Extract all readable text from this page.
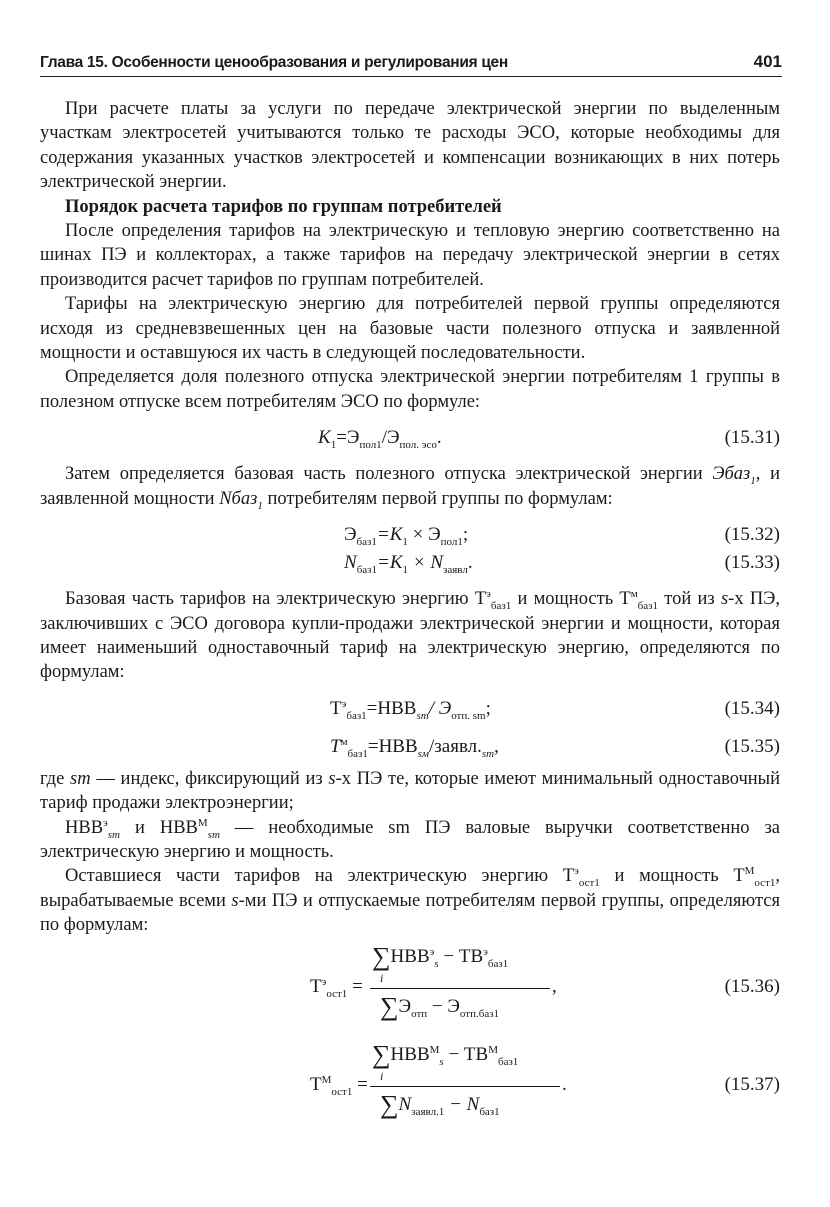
Глава 15. Особенности ценообразования и регулирования цен	401

При расчете платы за услуги по передаче электрической энергии по выделенным участкам электросетей учитываются только те расходы ЭСО, которые необходимы для содержания указанных участков электросетей и компенсации возникающих в них потерь электрической энергии.

Порядок расчета тарифов по группам потребителей

После определения тарифов на электрическую и тепловую энергию соответственно на шинах ПЭ и коллекторах, а также тарифов на передачу электрической энергии в сетях производится расчет тарифов по группам потребителей.

Тарифы на электрическую энергию для потребителей первой группы определяются исходя из средневзвешенных цен на базовые части полезного отпуска и заявленной мощности и оставшуюся их часть в следующей последовательности.

Определяется доля полезного отпуска электрической энергии потребителям 1 группы в полезном отпуске всем потребителям ЭСО по формуле:

$K_1=Э_{пол1}/Э_{пол. эсо}$.	(15.31)

Затем определяется базовая часть полезного отпуска электрической энергии Эбаз$_1$, и заявленной мощности Nбаз$_1$ потребителям первой группы по формулам:

$Э_{баз1}=K_1 \times Э_{пол1}$;	(15.32)
$N_{баз1}=K_1 \times N_{заявл}$.	(15.33)

Базовая часть тарифов на электрическую энергию $Т^э_{баз1}$ и мощность $Т^м_{баз1}$ той из s-х ПЭ, заключивших с ЭСО договора купли-продажи электрической энергии и мощности, которая имеет наименьший одноставочный тариф на электрическую энергию, определяются по формулам:

$Т^э_{баз1}=НВВ_{sm}/$ $Э_{отп. sm}$;	(15.34)
$Т^м_{баз1}=НВВ_{sм}/заявл._{sm}$,	(15.35)

где sm — индекс, фиксирующий из s-х ПЭ те, которые имеют минимальный одноставочный тариф продажи электроэнергии;

$НВВ^э_{sm}$ и $НВВ^М_{sm}$ — необходимые sm ПЭ валовые выручки соответственно за электрическую энергию и мощность.

Оставшиеся части тарифов на электрическую энергию $Т^э_{ост1}$ и мощность $Т^М_{ост1}$, вырабатываемые всеми s-ми ПЭ и отпускаемые потребителям первой группы, определяются по формулам:

$Т^э_{ост1}$ =
$\sum НВВ^э_s - ТВ^э_{баз1}$
i
$\sum Э_{отп} - Э_{отп.баз1}$
,	(15.36)
$Т^М_{ост1}$ =
$\sum НВВ^М_s - ТВ^М_{баз1}$
i
$\sum N_{заявл.1} - N_{баз1}$
.	(15.37)
